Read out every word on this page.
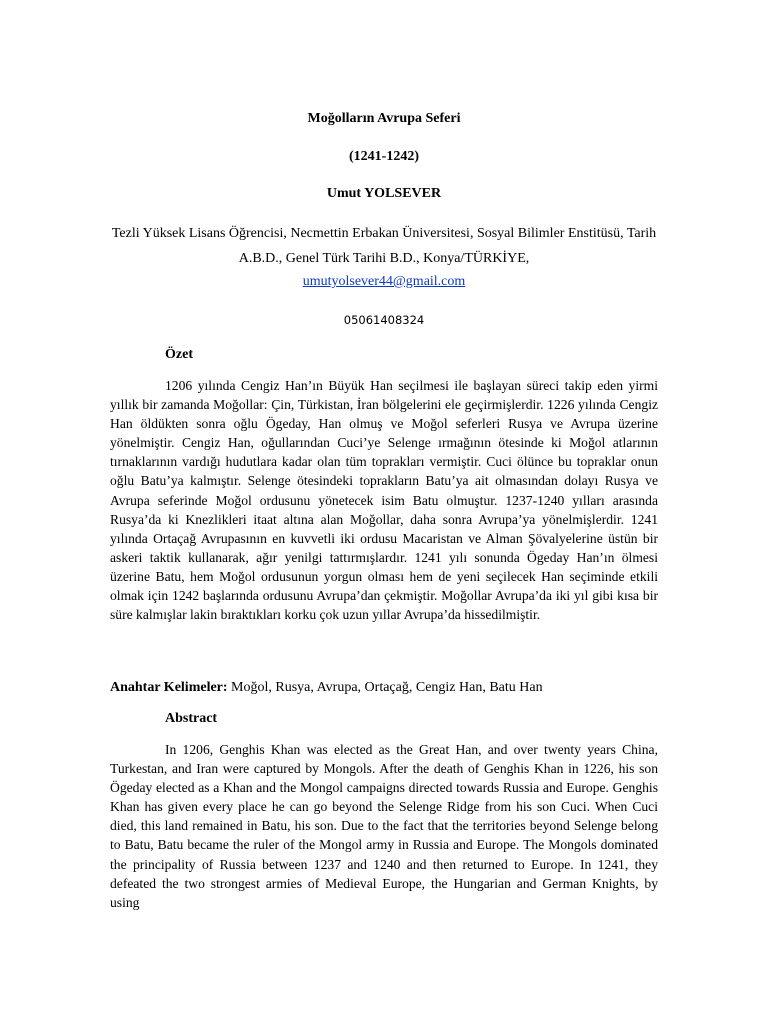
Moğolların Avrupa Seferi

(1241-1242)

Umut YOLSEVER

Tezli Yüksek Lisans Öğrencisi, Necmettin Erbakan Üniversitesi, Sosyal Bilimler Enstitüsü, Tarih A.B.D., Genel Türk Tarihi B.D., Konya/TÜRKİYE,

umutyolsever44@gmail.com

05061408324

Özet

1206 yılında Cengiz Han’ın Büyük Han seçilmesi ile başlayan süreci takip eden yirmi yıllık bir zamanda Moğollar: Çin, Türkistan, İran bölgelerini ele geçirmişlerdir. 1226 yılında Cengiz Han öldükten sonra oğlu Ögeday, Han olmuş ve Moğol seferleri Rusya ve Avrupa üzerine yönelmiştir. Cengiz Han, oğullarından Cuci’ye Selenge ırmağının ötesinde ki Moğol atlarının tırnaklarının vardığı hudutlara kadar olan tüm toprakları vermiştir. Cuci ölünce bu topraklar onun oğlu Batu’ya kalmıştır. Selenge ötesindeki toprakların Batu’ya ait olmasından dolayı Rusya ve Avrupa seferinde Moğol ordusunu yönetecek isim Batu olmuştur. 1237-1240 yılları arasında Rusya’da ki Knezlikleri itaat altına alan Moğollar, daha sonra Avrupa’ya yönelmişlerdir. 1241 yılında Ortaçağ Avrupasının en kuvvetli iki ordusu Macaristan ve Alman Şövalyelerine üstün bir askeri taktik kullanarak, ağır yenilgi tattırmışlardır. 1241 yılı sonunda Ögeday Han’ın ölmesi üzerine Batu, hem Moğol ordusunun yorgun olması hem de yeni seçilecek Han seçiminde etkili olmak için 1242 başlarında ordusunu Avrupa’dan çekmiştir. Moğollar Avrupa’da iki yıl gibi kısa bir süre kalmışlar lakin bıraktıkları korku çok uzun yıllar Avrupa’da hissedilmiştir.

Anahtar Kelimeler: Moğol, Rusya, Avrupa, Ortaçağ, Cengiz Han, Batu Han

Abstract

In 1206, Genghis Khan was elected as the Great Han, and over twenty years China, Turkestan, and Iran were captured by Mongols. After the death of Genghis Khan in 1226, his son Ögeday elected as a Khan and the Mongol campaigns directed towards Russia and Europe. Genghis Khan has given every place he can go beyond the Selenge Ridge from his son Cuci. When Cuci died, this land remained in Batu, his son. Due to the fact that the territories beyond Selenge belong to Batu, Batu became the ruler of the Mongol army in Russia and Europe. The Mongols dominated the principality of Russia between 1237 and 1240 and then returned to Europe. In 1241, they defeated the two strongest armies of Medieval Europe, the Hungarian and German Knights, by using
